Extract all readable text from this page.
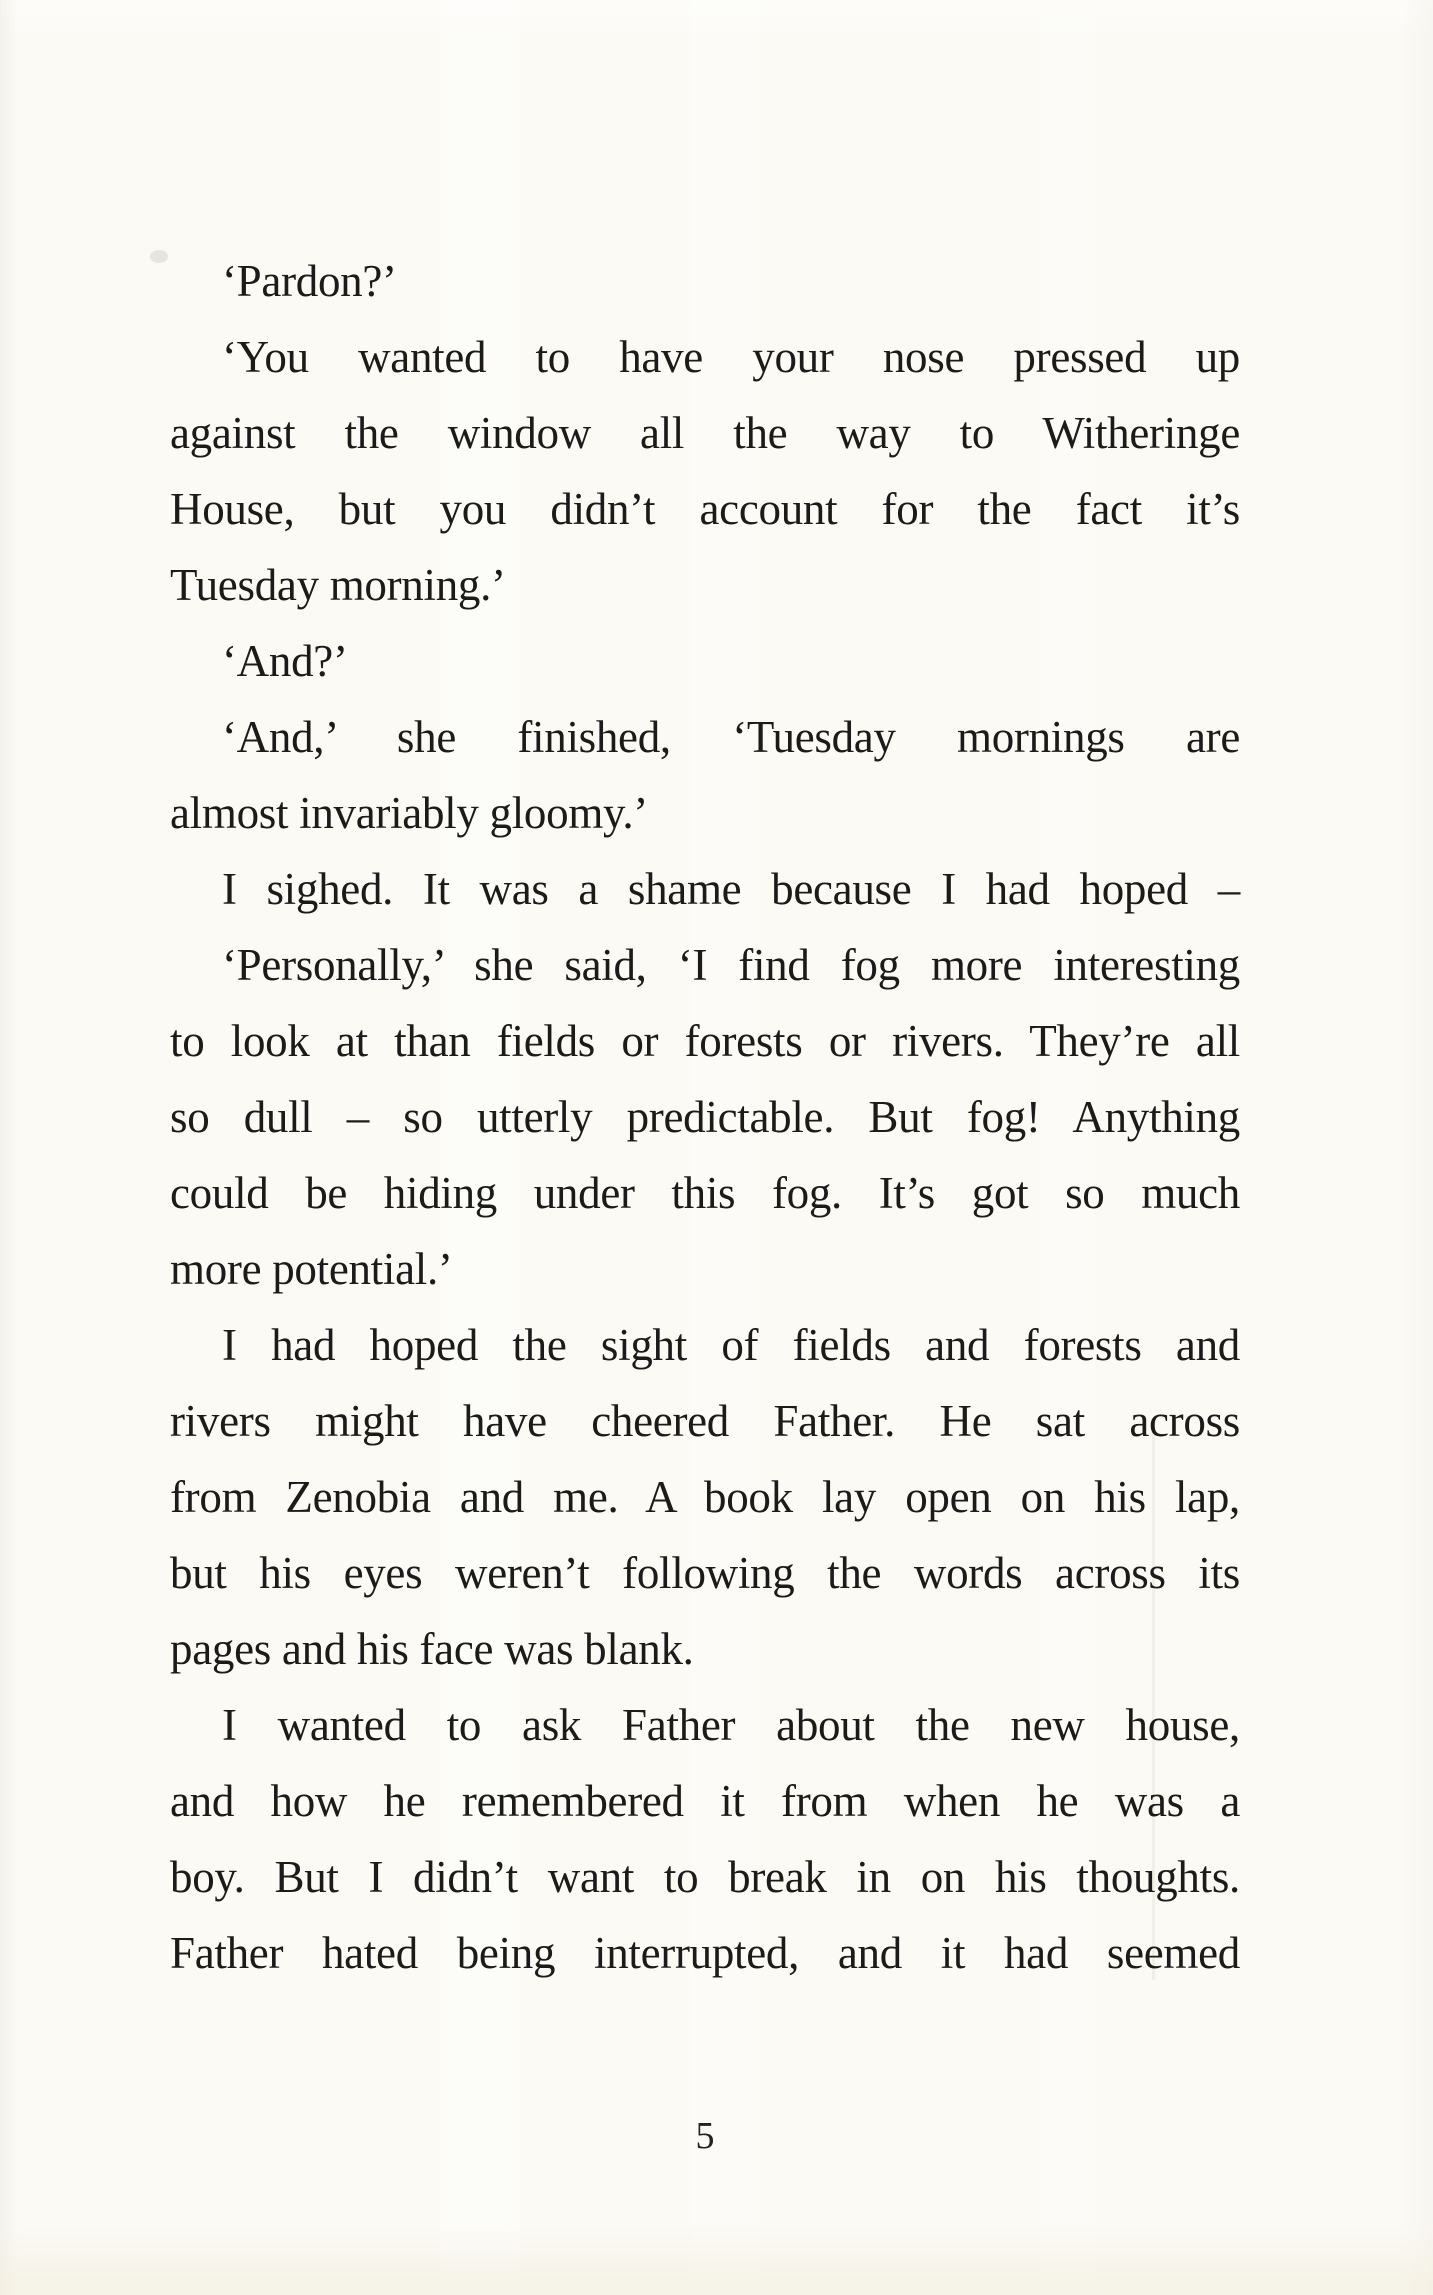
‘Pardon?’
‘You wanted to have your nose pressed up
against the window all the way to Witheringe
House, but you didn’t account for the fact it’s
Tuesday morning.’
‘And?’
‘And,’ she finished, ‘Tuesday mornings are
almost invariably gloomy.’
I sighed. It was a shame because I had hoped –
‘Personally,’ she said, ‘I find fog more interesting
to look at than fields or forests or rivers. They’re all
so dull – so utterly predictable. But fog! Anything
could be hiding under this fog. It’s got so much
more potential.’
I had hoped the sight of fields and forests and
rivers might have cheered Father. He sat across
from Zenobia and me. A book lay open on his lap,
but his eyes weren’t following the words across its
pages and his face was blank.
I wanted to ask Father about the new house,
and how he remembered it from when he was a
boy. But I didn’t want to break in on his thoughts.
Father hated being interrupted, and it had seemed
5
